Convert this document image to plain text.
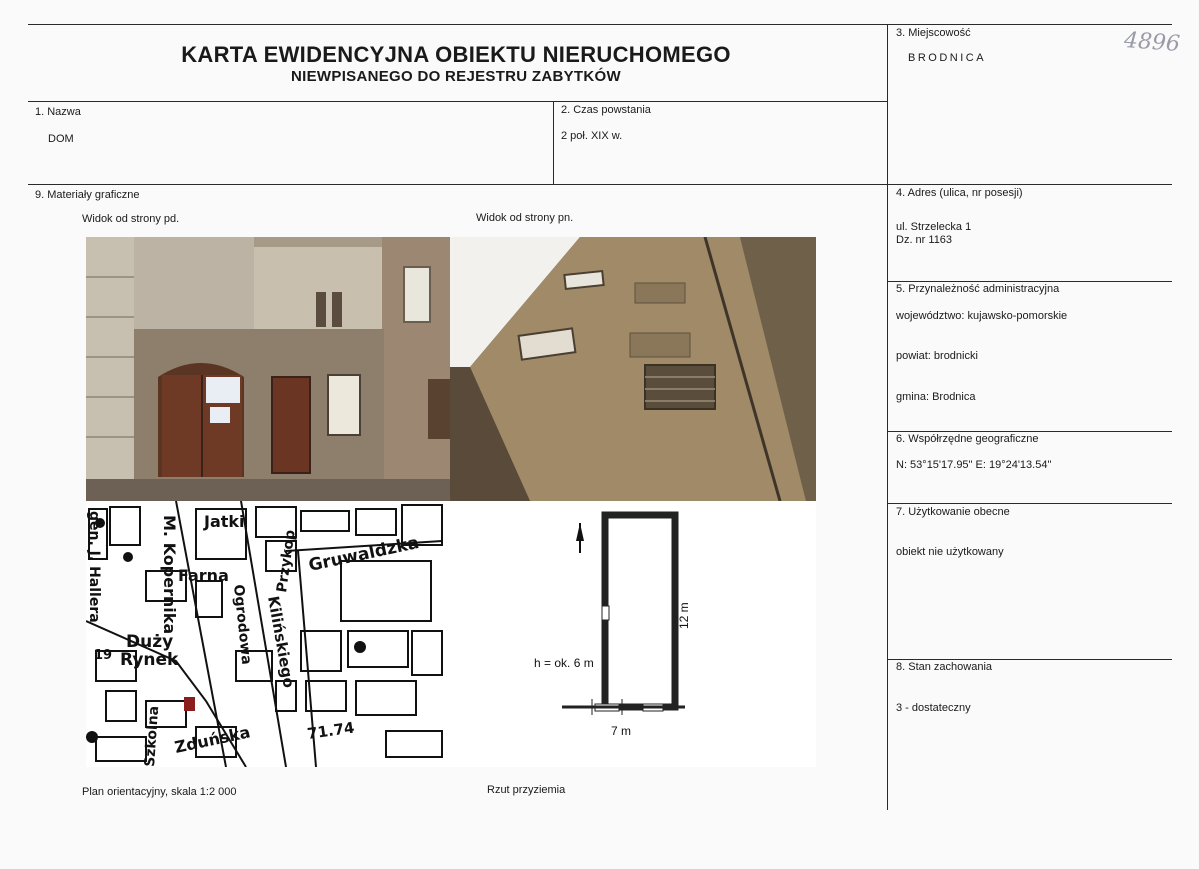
KARTA EWIDENCYJNA OBIEKTU NIERUCHOMEGO
NIEWPISANEGO DO REJESTRU ZABYTKÓW
4896
1. Nazwa
DOM
2. Czas powstania
2 poł. XIX w.
3. Miejscowość
BRODNICA
4. Adres (ulica, nr posesji)
ul. Strzelecka 1
Dz. nr 1163
5. Przynależność administracyjna
województwo: kujawsko-pomorskie
powiat: brodnicki
gmina: Brodnica
6. Współrzędne geograficzne
N: 53°15'17.95" E: 19°24'13.54"
7. Użytkowanie obecne
obiekt nie użytkowany
8. Stan zachowania
3 - dostateczny
9. Materiały graficzne
Widok od strony pd.	Widok od strony pn.
Plan orientacyjny, skala 1:2 000	Rzut przyziemia
Jatki
M. Kopernika
gen. J. Hallera	Farna	Gruwaldzka
Kilińskiego
Przykop
Ogrodowa
Duży
Rynek
Zduńska
Szkolna
19
71.74
h = ok. 6 m
12 m
7 m
